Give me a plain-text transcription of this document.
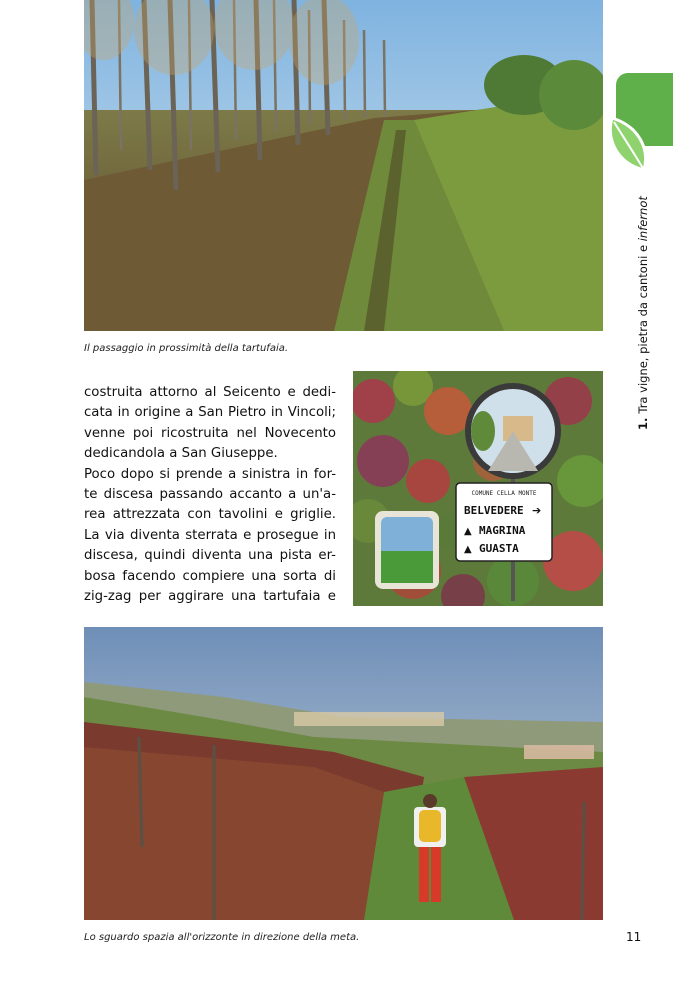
1.Tra vigne, pietra da cantoni e infernot
Il passaggio in prossimità della tartufaia.
costruita attorno al Seicento e dedi-
cata in origine a San Pietro in Vincoli;
venne poi ricostruita nel Novecento
dedicandola a San Giuseppe.
Poco dopo si prende a sinistra in for-
te discesa passando accanto a un'a-
rea attrezzata con tavolini e griglie.
La via diventa sterrata e prosegue in
discesa, quindi diventa una pista er-
bosa facendo compiere una sorta di
zig-zag per aggirare una tartufaia e
COMUNE CELLA MONTE
BELVEDERE ➔
▲ MAGRINA
▲ GUASTA
Lo sguardo spazia all'orizzonte in direzione della meta.	11
